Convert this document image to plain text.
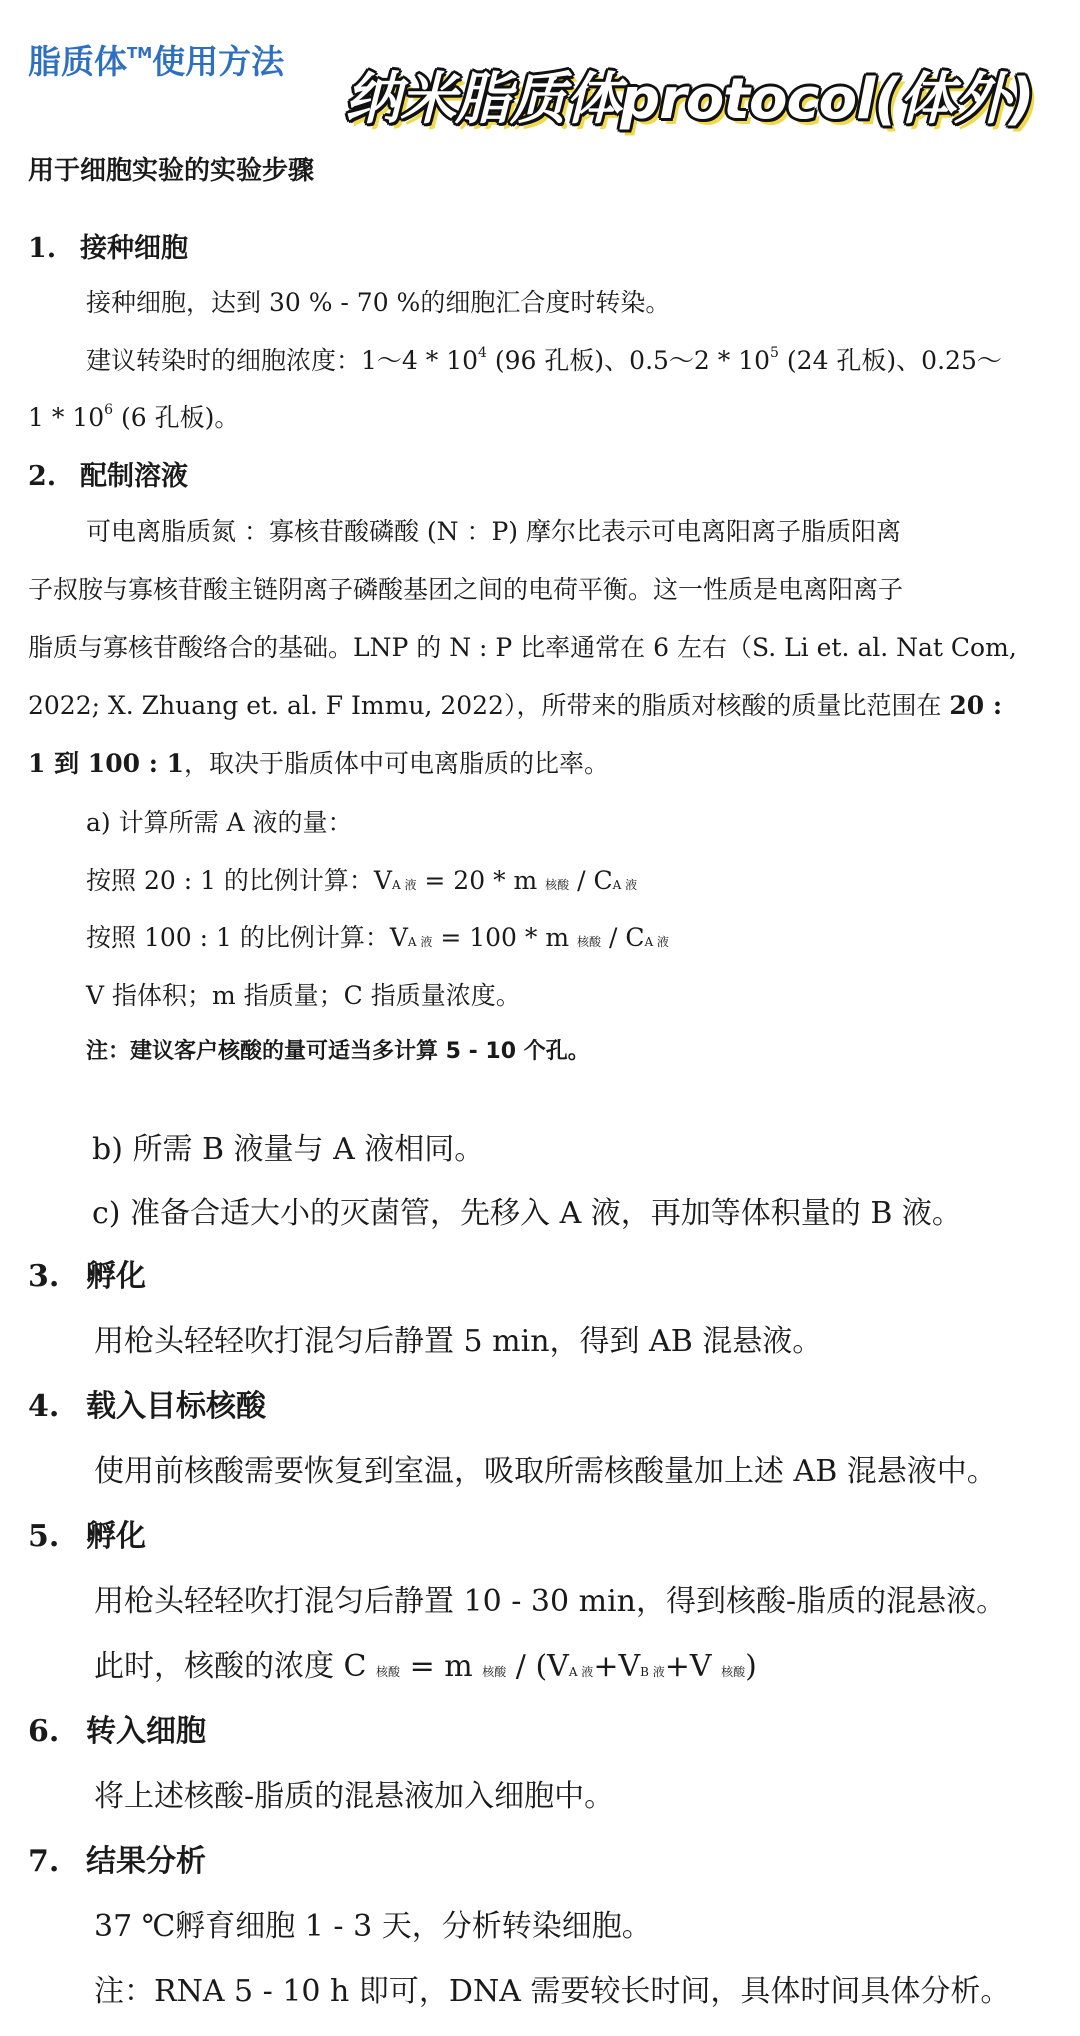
脂质体™使用方法
纳米脂质体protocol(体外)
用于细胞实验的实验步骤
1. 接种细胞
接种细胞，达到 30 % - 70 %的细胞汇合度时转染。
建议转染时的细胞浓度：1～4 * $10^4$ (96 孔板)、0.5～2 * $10^5$ (24 孔板)、0.25～
$1 * 10^6$ (6 孔板)。
2. 配制溶液
可电离脂质氮 ：寡核苷酸磷酸 (N ：P) 摩尔比表示可电离阳离子脂质阳离
子叔胺与寡核苷酸主链阴离子磷酸基团之间的电荷平衡。这一性质是电离阳离子
脂质与寡核苷酸络合的基础。LNP 的 N : P 比率通常在 6 左右（S. Li et. al. Nat Com,
2022; X. Zhuang et. al. F Immu, 2022），所带来的脂质对核酸的质量比范围在 20 :
1 到 100 : 1，取决于脂质体中可电离脂质的比率。
a) 计算所需 A 液的量：
按照 20 : 1 的比例计算：VA 液 = 20 * m 核酸 / CA 液
按照 100 : 1 的比例计算：VA 液 = 100 * m 核酸 / CA 液
V 指体积；m 指质量；C 指质量浓度。
注：建议客户核酸的量可适当多计算 5 - 10 个孔。
b) 所需 B 液量与 A 液相同。
c) 准备合适大小的灭菌管，先移入 A 液，再加等体积量的 B 液。
3. 孵化
用枪头轻轻吹打混匀后静置 5 min，得到 AB 混悬液。
4. 载入目标核酸
使用前核酸需要恢复到室温，吸取所需核酸量加上述 AB 混悬液中。
5. 孵化
用枪头轻轻吹打混匀后静置 10 - 30 min，得到核酸-脂质的混悬液。
此时，核酸的浓度 C 核酸 = m 核酸 / (VA 液+VB 液+V 核酸)
6. 转入细胞
将上述核酸-脂质的混悬液加入细胞中。
7. 结果分析
37 ℃孵育细胞 1 - 3 天，分析转染细胞。
注：RNA 5 - 10 h 即可，DNA 需要较长时间，具体时间具体分析。
